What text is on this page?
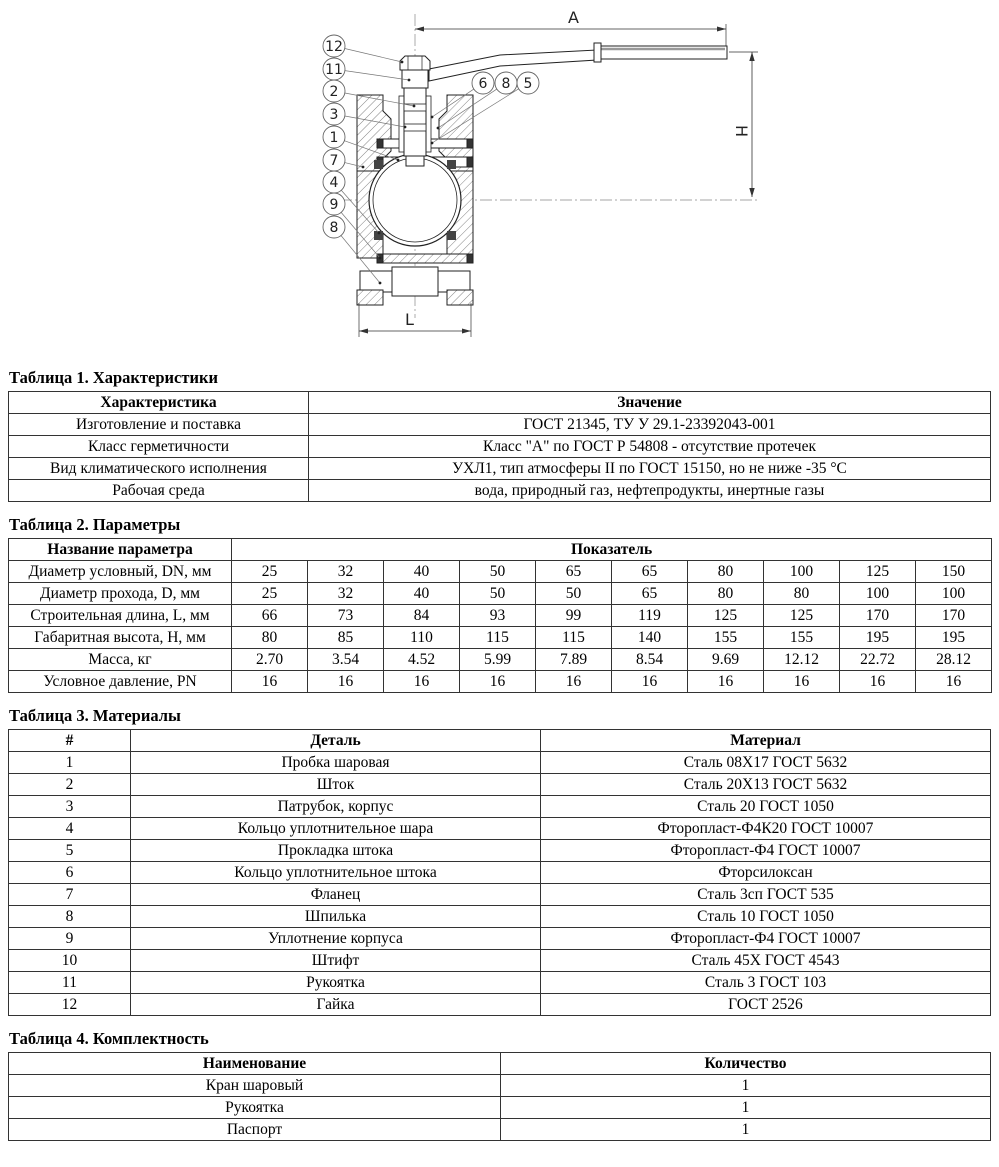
A
H
L
12
11
2
3
1
7
4
9
8
6 8 5
Таблица 1. Характеристики
Характеристика	Значение
Изготовление и поставка	ГОСТ 21345, ТУ У 29.1-23392043-001
Класс герметичности	Класс "А" по ГОСТ Р 54808 - отсутствие протечек
Вид климатического исполнения	УХЛ1, тип атмосферы II по ГОСТ 15150, но не ниже -35 °С
Рабочая среда	вода, природный газ, нефтепродукты, инертные газы
Таблица 2. Параметры
Название параметра	Показатель									
Диаметр условный, DN, мм	25	32	40	50	65	65	80	100	125	150
Диаметр прохода, D, мм	25	32	40	50	50	65	80	80	100	100
Строительная длина, L, мм	66	73	84	93	99	119	125	125	170	170
Габаритная высота, Н, мм	80	85	110	115	115	140	155	155	195	195
Масса, кг	2.70	3.54	4.52	5.99	7.89	8.54	9.69	12.12	22.72	28.12
Условное давление, PN	16	16	16	16	16	16	16	16	16	16
Таблица 3. Материалы
#	Деталь	Материал
1	Пробка шаровая	Сталь 08Х17 ГОСТ 5632
2	Шток	Сталь 20Х13 ГОСТ 5632
3	Патрубок, корпус	Сталь 20 ГОСТ 1050
4	Кольцо уплотнительное шара	Фторопласт-Ф4К20 ГОСТ 10007
5	Прокладка штока	Фторопласт-Ф4 ГОСТ 10007
6	Кольцо уплотнительное штока	Фторсилоксан
7	Фланец	Сталь 3сп ГОСТ 535
8	Шпилька	Сталь 10 ГОСТ 1050
9	Уплотнение корпуса	Фторопласт-Ф4 ГОСТ 10007
10	Штифт	Сталь 45Х ГОСТ 4543
11	Рукоятка	Сталь 3 ГОСТ 103
12	Гайка	ГОСТ 2526
Таблица 4. Комплектность
Наименование	Количество
Кран шаровый	1
Рукоятка	1
Паспорт	1
